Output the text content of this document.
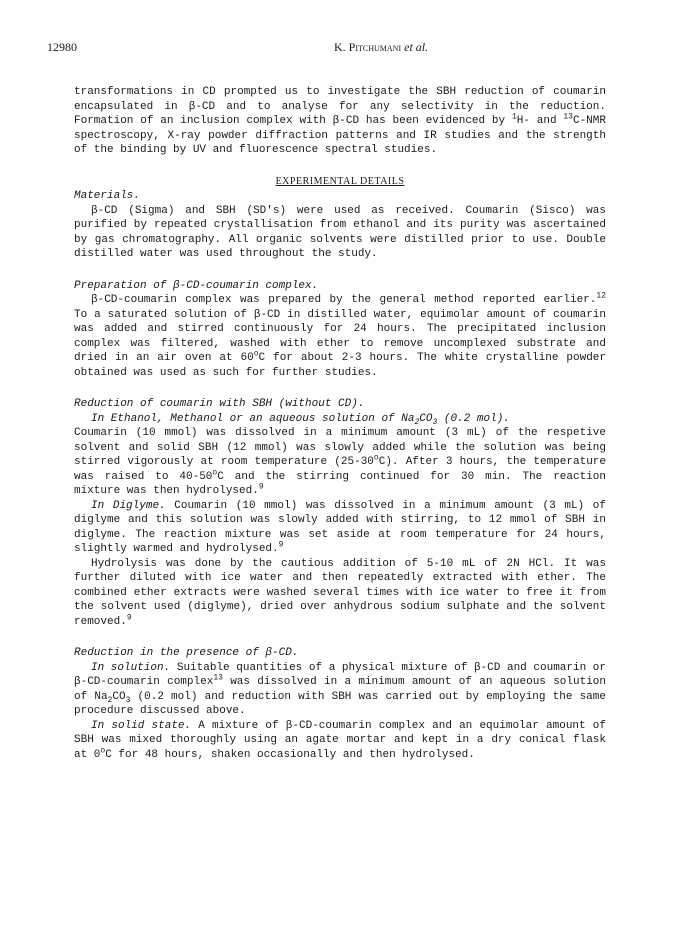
12980	K. Pitchumani et al.

transformations in CD prompted us to investigate the SBH reduction of coumarin encapsulated in β-CD and to analyse for any selectivity in the reduction. Formation of an inclusion complex with β-CD has been evidenced by $^1$H- and $^{13}$C-NMR spectroscopy, X-ray powder diffraction patterns and IR studies and the strength of the binding by UV and fluorescence spectral studies.

EXPERIMENTAL DETAILS

Materials.

β-CD (Sigma) and SBH (SD's) were used as received. Coumarin (Sisco) was purified by repeated crystallisation from ethanol and its purity was ascertained by gas chromatography. All organic solvents were distilled prior to use. Double distilled water was used throughout the study.

Preparation of β-CD-coumarin complex.

β-CD-coumarin complex was prepared by the general method reported earlier.$^{12}$ To a saturated solution of β-CD in distilled water, equimolar amount of coumarin was added and stirred continuously for 24 hours. The precipitated inclusion complex was filtered, washed with ether to remove uncomplexed substrate and dried in an air oven at 60$^o$C for about 2-3 hours. The white crystalline powder obtained was used as such for further studies.

Reduction of coumarin with SBH (without CD).

In Ethanol, Methanol or an aqueous solution of $Na_2CO_3$ (0.2 mol).

Coumarin (10 mmol) was dissolved in a minimum amount (3 mL) of the respetive solvent and solid SBH (12 mmol) was slowly added while the solution was being stirred vigorously at room temperature (25-30$^o$C). After 3 hours, the temperature was raised to 40-50$^o$C and the stirring continued for 30 min. The reaction mixture was then hydrolysed.$^9$

In Diglyme. Coumarin (10 mmol) was dissolved in a minimum amount (3 mL) of diglyme and this solution was slowly added with stirring, to 12 mmol of SBH in diglyme. The reaction mixture was set aside at room temperature for 24 hours, slightly warmed and hydrolysed.$^9$

Hydrolysis was done by the cautious addition of 5-10 mL of 2N HCl. It was further diluted with ice water and then repeatedly extracted with ether. The combined ether extracts were washed several times with ice water to free it from the solvent used (diglyme), dried over anhydrous sodium sulphate and the solvent removed.$^9$

Reduction in the presence of β-CD.

In solution. Suitable quantities of a physical mixture of β-CD and coumarin or β-CD-coumarin complex$^{13}$ was dissolved in a minimum amount of an aqueous solution of $Na_2CO_3$ (0.2 mol) and reduction with SBH was carried out by employing the same procedure discussed above.

In solid state. A mixture of β-CD-coumarin complex and an equimolar amount of SBH was mixed thoroughly using an agate mortar and kept in a dry conical flask at 0$^o$C for 48 hours, shaken occasionally and then hydrolysed.
